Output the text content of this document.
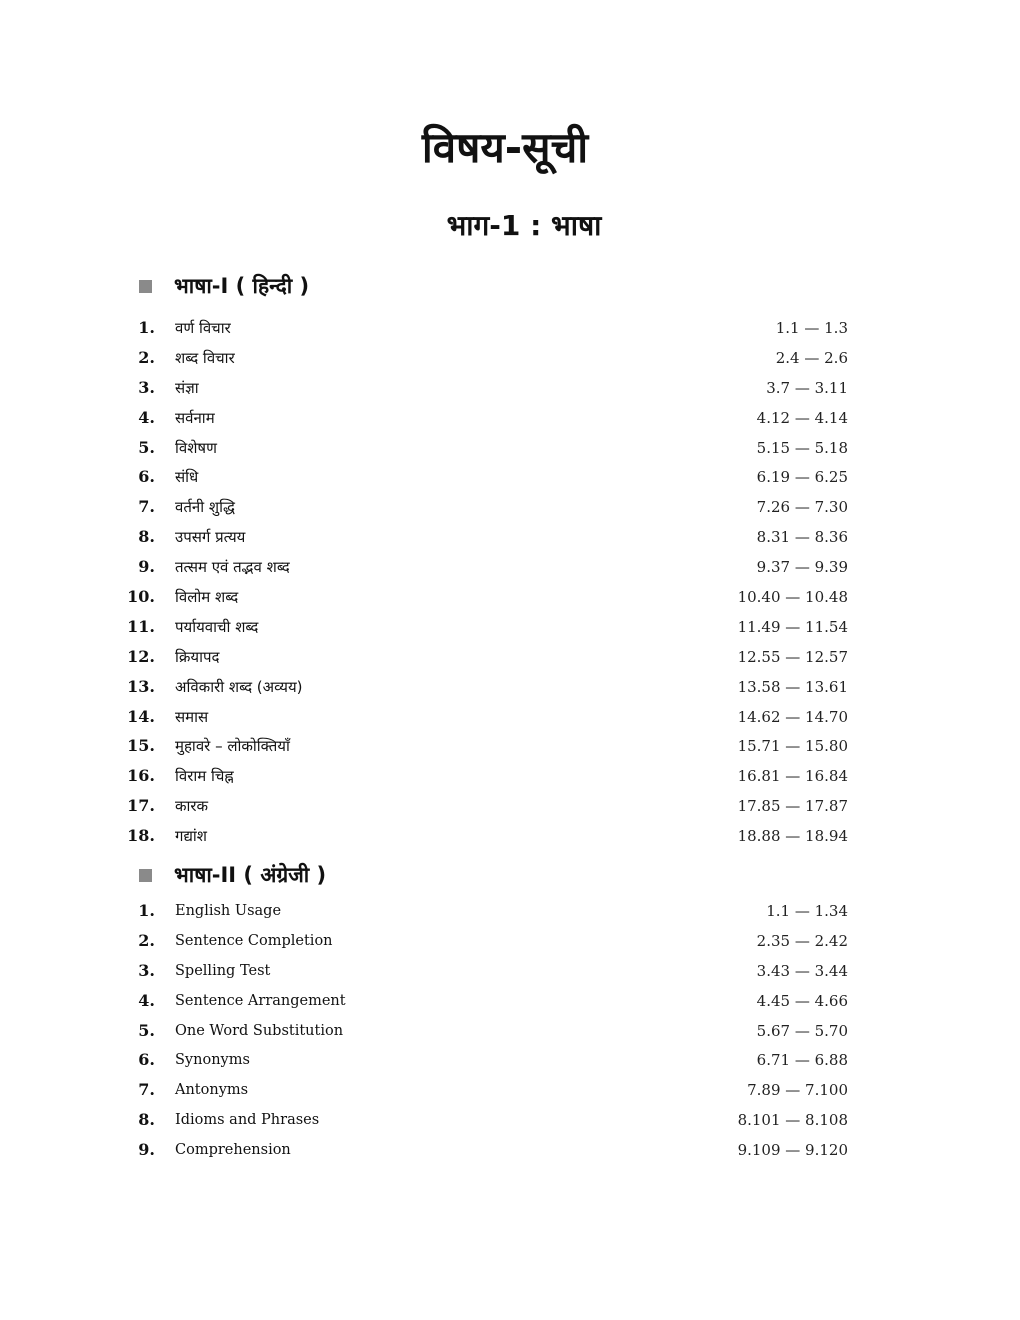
विषय-सूची
भाग-1 : भाषा
भाषा-I ( हिन्दी )
1. वर्ण विचार	1.1 — 1.3
2. शब्द विचार	2.4 — 2.6
3. संज्ञा	3.7 — 3.11
4. सर्वनाम	4.12 — 4.14
5. विशेषण	5.15 — 5.18
6. संधि	6.19 — 6.25
7. वर्तनी शुद्धि	7.26 — 7.30
8. उपसर्ग प्रत्यय	8.31 — 8.36
9. तत्सम एवं तद्भव शब्द	9.37 — 9.39
10. विलोम शब्द	10.40 — 10.48
11. पर्यायवाची शब्द	11.49 — 11.54
12. क्रियापद	12.55 — 12.57
13. अविकारी शब्द (अव्यय)	13.58 — 13.61
14. समास	14.62 — 14.70
15. मुहावरे – लोकोक्तियाँ	15.71 — 15.80
16. विराम चिह्न	16.81 — 16.84
17. कारक	17.85 — 17.87
18. गद्यांश	18.88 — 18.94
भाषा-II ( अंग्रेजी )
1. English Usage	1.1 — 1.34
2. Sentence Completion	2.35 — 2.42
3. Spelling Test	3.43 — 3.44
4. Sentence Arrangement	4.45 — 4.66
5. One Word Substitution	5.67 — 5.70
6. Synonyms	6.71 — 6.88
7. Antonyms	7.89 — 7.100
8. Idioms and Phrases	8.101 — 8.108
9. Comprehension	9.109 — 9.120
